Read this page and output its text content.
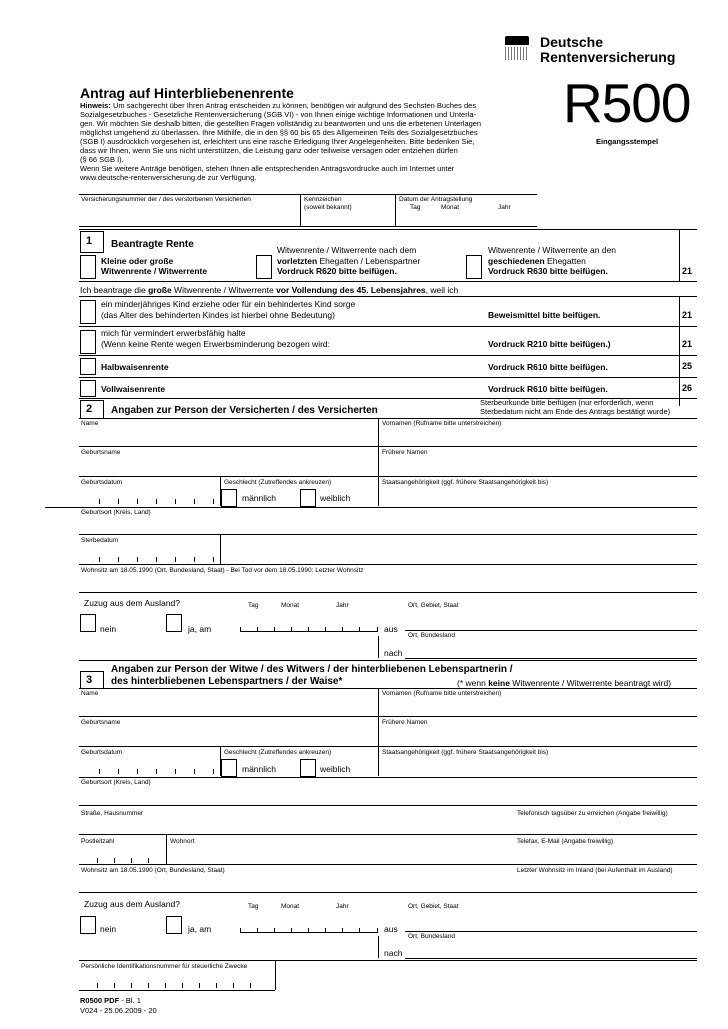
Deutsche
Rentenversicherung
R500
Eingangsstempel
Antrag auf Hinterbliebenenrente
Hinweis: Um sachgerecht über Ihren Antrag entscheiden zu können, benötigen wir aufgrund des Sechsten Buches des
Sozialgesetzbuches - Gesetzliche Rentenversicherung (SGB VI) - von Ihnen einige wichtige Informationen und Unterla-
gen. Wir möchten Sie deshalb bitten, die gestellten Fragen vollständig zu beantworten und uns die erbetenen Unterlagen
möglichst umgehend zu überlassen. Ihre Mithilfe, die in den §§ 60 bis 65 des Allgemeinen Teils des Sozialgesetzbuches
(SGB I) ausdrücklich vorgesehen ist, erleichtert uns eine rasche Erledigung Ihrer Angelegenheiten. Bitte bedenken Sie,
dass wir Ihnen, wenn Sie uns nicht unterstützen, die Leistung ganz oder teilweise versagen oder entziehen dürfen
(§ 66 SGB I).
Wenn Sie weitere Anträge benötigen, stehen Ihnen alle entsprechenden Antragsvordrucke auch im Internet unter
www.deutsche-rentenversicherung.de zur Verfügung.
Versicherungsnummer der / des verstorbenen Versicherten	Kennzeichen
(soweit bekannt)
Datum der Antragstellung
Tag	Monat	Jahr
1 Beantragte Rente
Kleine oder große
Witwenrente / Witwerrente
Witwenrente / Witwerrente nach dem
vorletzten Ehegatten / Lebenspartner
Vordruck R620 bitte beifügen.
Witwenrente / Witwerrente an den
geschiedenen Ehegatten
Vordruck R630 bitte beifügen.	21
Ich beantrage die große Witwenrente / Witwerrente vor Vollendung des 45. Lebensjahres, weil ich
ein minderjähriges Kind erziehe oder für ein behindertes Kind sorge
(das Alter des behinderten Kindes ist hierbei ohne Bedeutung)	Beweismittel bitte beifügen.	21
mich für vermindert erwerbsfähig halte
(Wenn keine Rente wegen Erwerbsminderung bezogen wird:	Vordruck R210 bitte beifügen.)	21
Halbwaisenrente	Vordruck R610 bitte beifügen.	25
Vollwaisenrente	Vordruck R610 bitte beifügen.	26
2 Angaben zur Person der Versicherten / des Versicherten
Sterbeurkunde bitte beifügen (nur erforderlich, wenn
Sterbedatum nicht am Ende des Antrags bestätigt wurde)
Name	Vornamen (Rufname bitte unterstreichen)
Geburtsname	Frühere Namen
Geburtsdatum	Geschlecht (Zutreffendes ankreuzen)	Staatsangehörigkeit (ggf. frühere Staatsangehörigkeit bis)
männlich	weiblich
Geburtsort (Kreis, Land)
Sterbedatum
Wohnsitz am 18.05.1990 (Ort, Bundesland, Staat) - Bei Tod vor dem 18.05.1990: Letzter Wohnsitz
Zuzug aus dem Ausland?	Tag	Monat	Jahr	Ort, Gebiet, Staat
nein	ja, am	aus
Ort, Bundesland
nach
3
Angaben zur Person der Witwe / des Witwers / der hinterbliebenen Lebenspartnerin /
des hinterbliebenen Lebenspartners / der Waise*	(* wenn keine Witwenrente / Witwerrente beantragt wird)
Name	Vornamen (Rufname bitte unterstreichen)
Geburtsname	Frühere Namen
Geburtsdatum	Geschlecht (Zutreffendes ankreuzen)	Staatsangehörigkeit (ggf. frühere Staatsangehörigkeit bis)
männlich	weiblich
Geburtsort (Kreis, Land)
Straße, Hausnummer	Telefonisch tagsüber zu erreichen (Angabe freiwillig)
Postleitzahl	Wohnort	Telefax, E-Mail (Angabe freiwillig)
Wohnsitz am 18.05.1990 (Ort, Bundesland, Staat)	Letzter Wohnsitz im Inland (bei Aufenthalt im Ausland)
Zuzug aus dem Ausland?	Tag	Monat	Jahr	Ort, Gebiet, Staat
nein	ja, am	aus
Ort, Bundesland
nach
Persönliche Identifikationsnummer für steuerliche Zwecke
R0500 PDF - Bl. 1
V024 - 25.06.2009 - 20
